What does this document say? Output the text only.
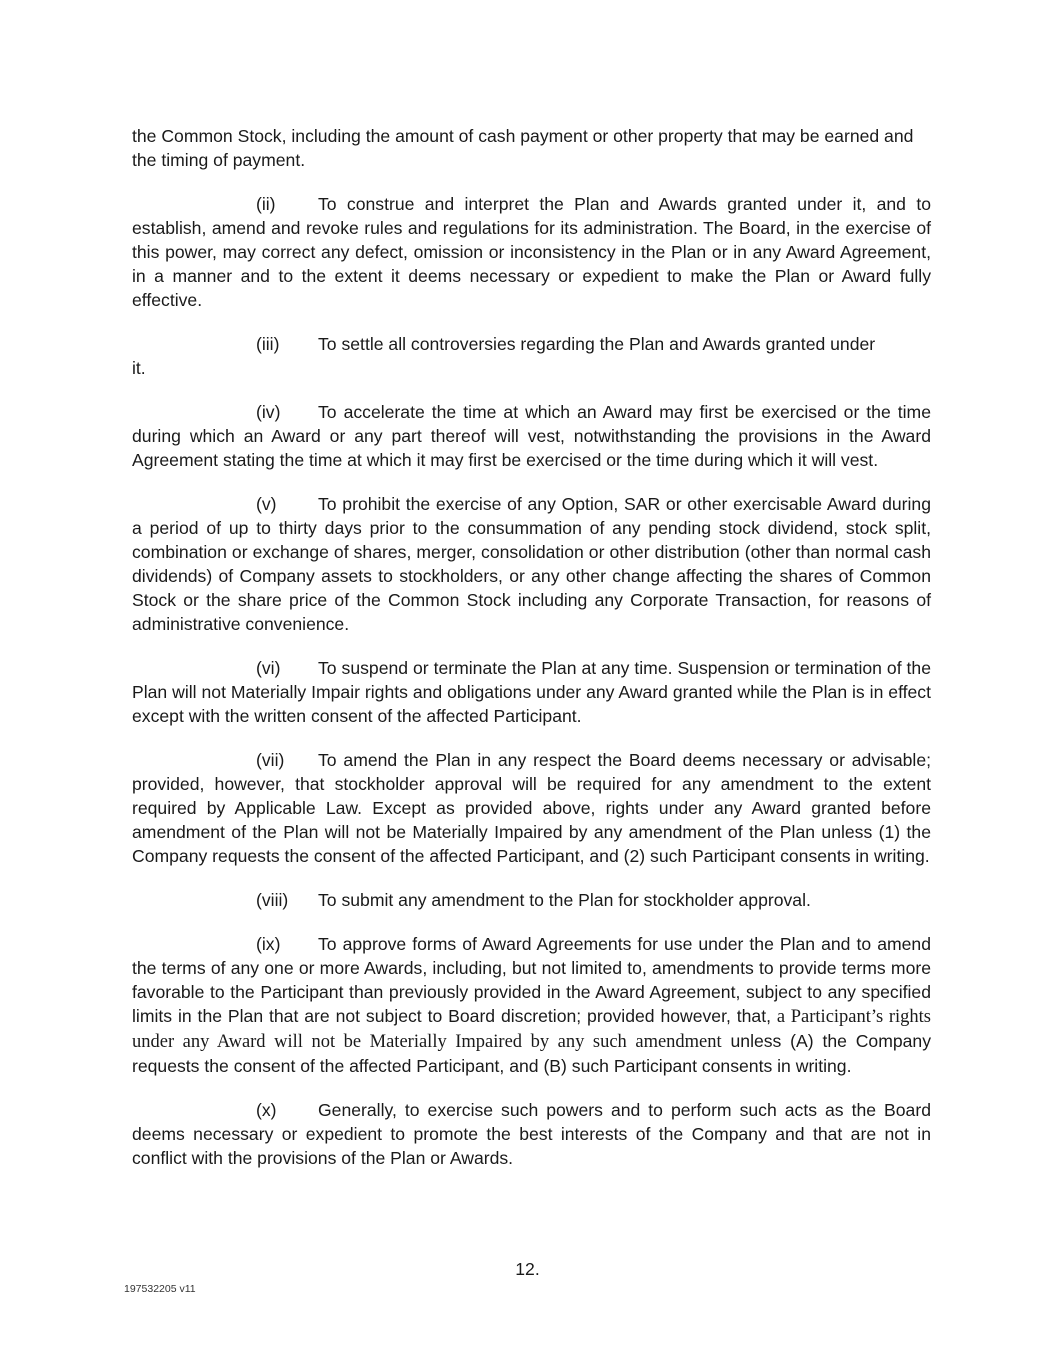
the Common Stock, including the amount of cash payment or other property that may be earned and the timing of payment.

(ii) To construe and interpret the Plan and Awards granted under it, and to establish, amend and revoke rules and regulations for its administration. The Board, in the exercise of this power, may correct any defect, omission or inconsistency in the Plan or in any Award Agreement, in a manner and to the extent it deems necessary or expedient to make the Plan or Award fully effective.

(iii) To settle all controversies regarding the Plan and Awards granted under
it.

(iv) To accelerate the time at which an Award may first be exercised or the time during which an Award or any part thereof will vest, notwithstanding the provisions in the Award Agreement stating the time at which it may first be exercised or the time during which it will vest.

(v) To prohibit the exercise of any Option, SAR or other exercisable Award during a period of up to thirty days prior to the consummation of any pending stock dividend, stock split, combination or exchange of shares, merger, consolidation or other distribution (other than normal cash dividends) of Company assets to stockholders, or any other change affecting the shares of Common Stock or the share price of the Common Stock including any Corporate Transaction, for reasons of administrative convenience.

(vi) To suspend or terminate the Plan at any time. Suspension or termination of the Plan will not Materially Impair rights and obligations under any Award granted while the Plan is in effect except with the written consent of the affected Participant.

(vii) To amend the Plan in any respect the Board deems necessary or advisable; provided, however, that stockholder approval will be required for any amendment to the extent required by Applicable Law. Except as provided above, rights under any Award granted before amendment of the Plan will not be Materially Impaired by any amendment of the Plan unless (1) the Company requests the consent of the affected Participant, and (2) such Participant consents in writing.

(viii) To submit any amendment to the Plan for stockholder approval.

(ix) To approve forms of Award Agreements for use under the Plan and to amend the terms of any one or more Awards, including, but not limited to, amendments to provide terms more favorable to the Participant than previously provided in the Award Agreement, subject to any specified limits in the Plan that are not subject to Board discretion; provided however, that, a Participant’s rights under any Award will not be Materially Impaired by any such amendment unless (A) the Company requests the consent of the affected Participant, and (B) such Participant consents in writing.

(x) Generally, to exercise such powers and to perform such acts as the Board deems necessary or expedient to promote the best interests of the Company and that are not in conflict with the provisions of the Plan or Awards.

12.
197532205 v11
